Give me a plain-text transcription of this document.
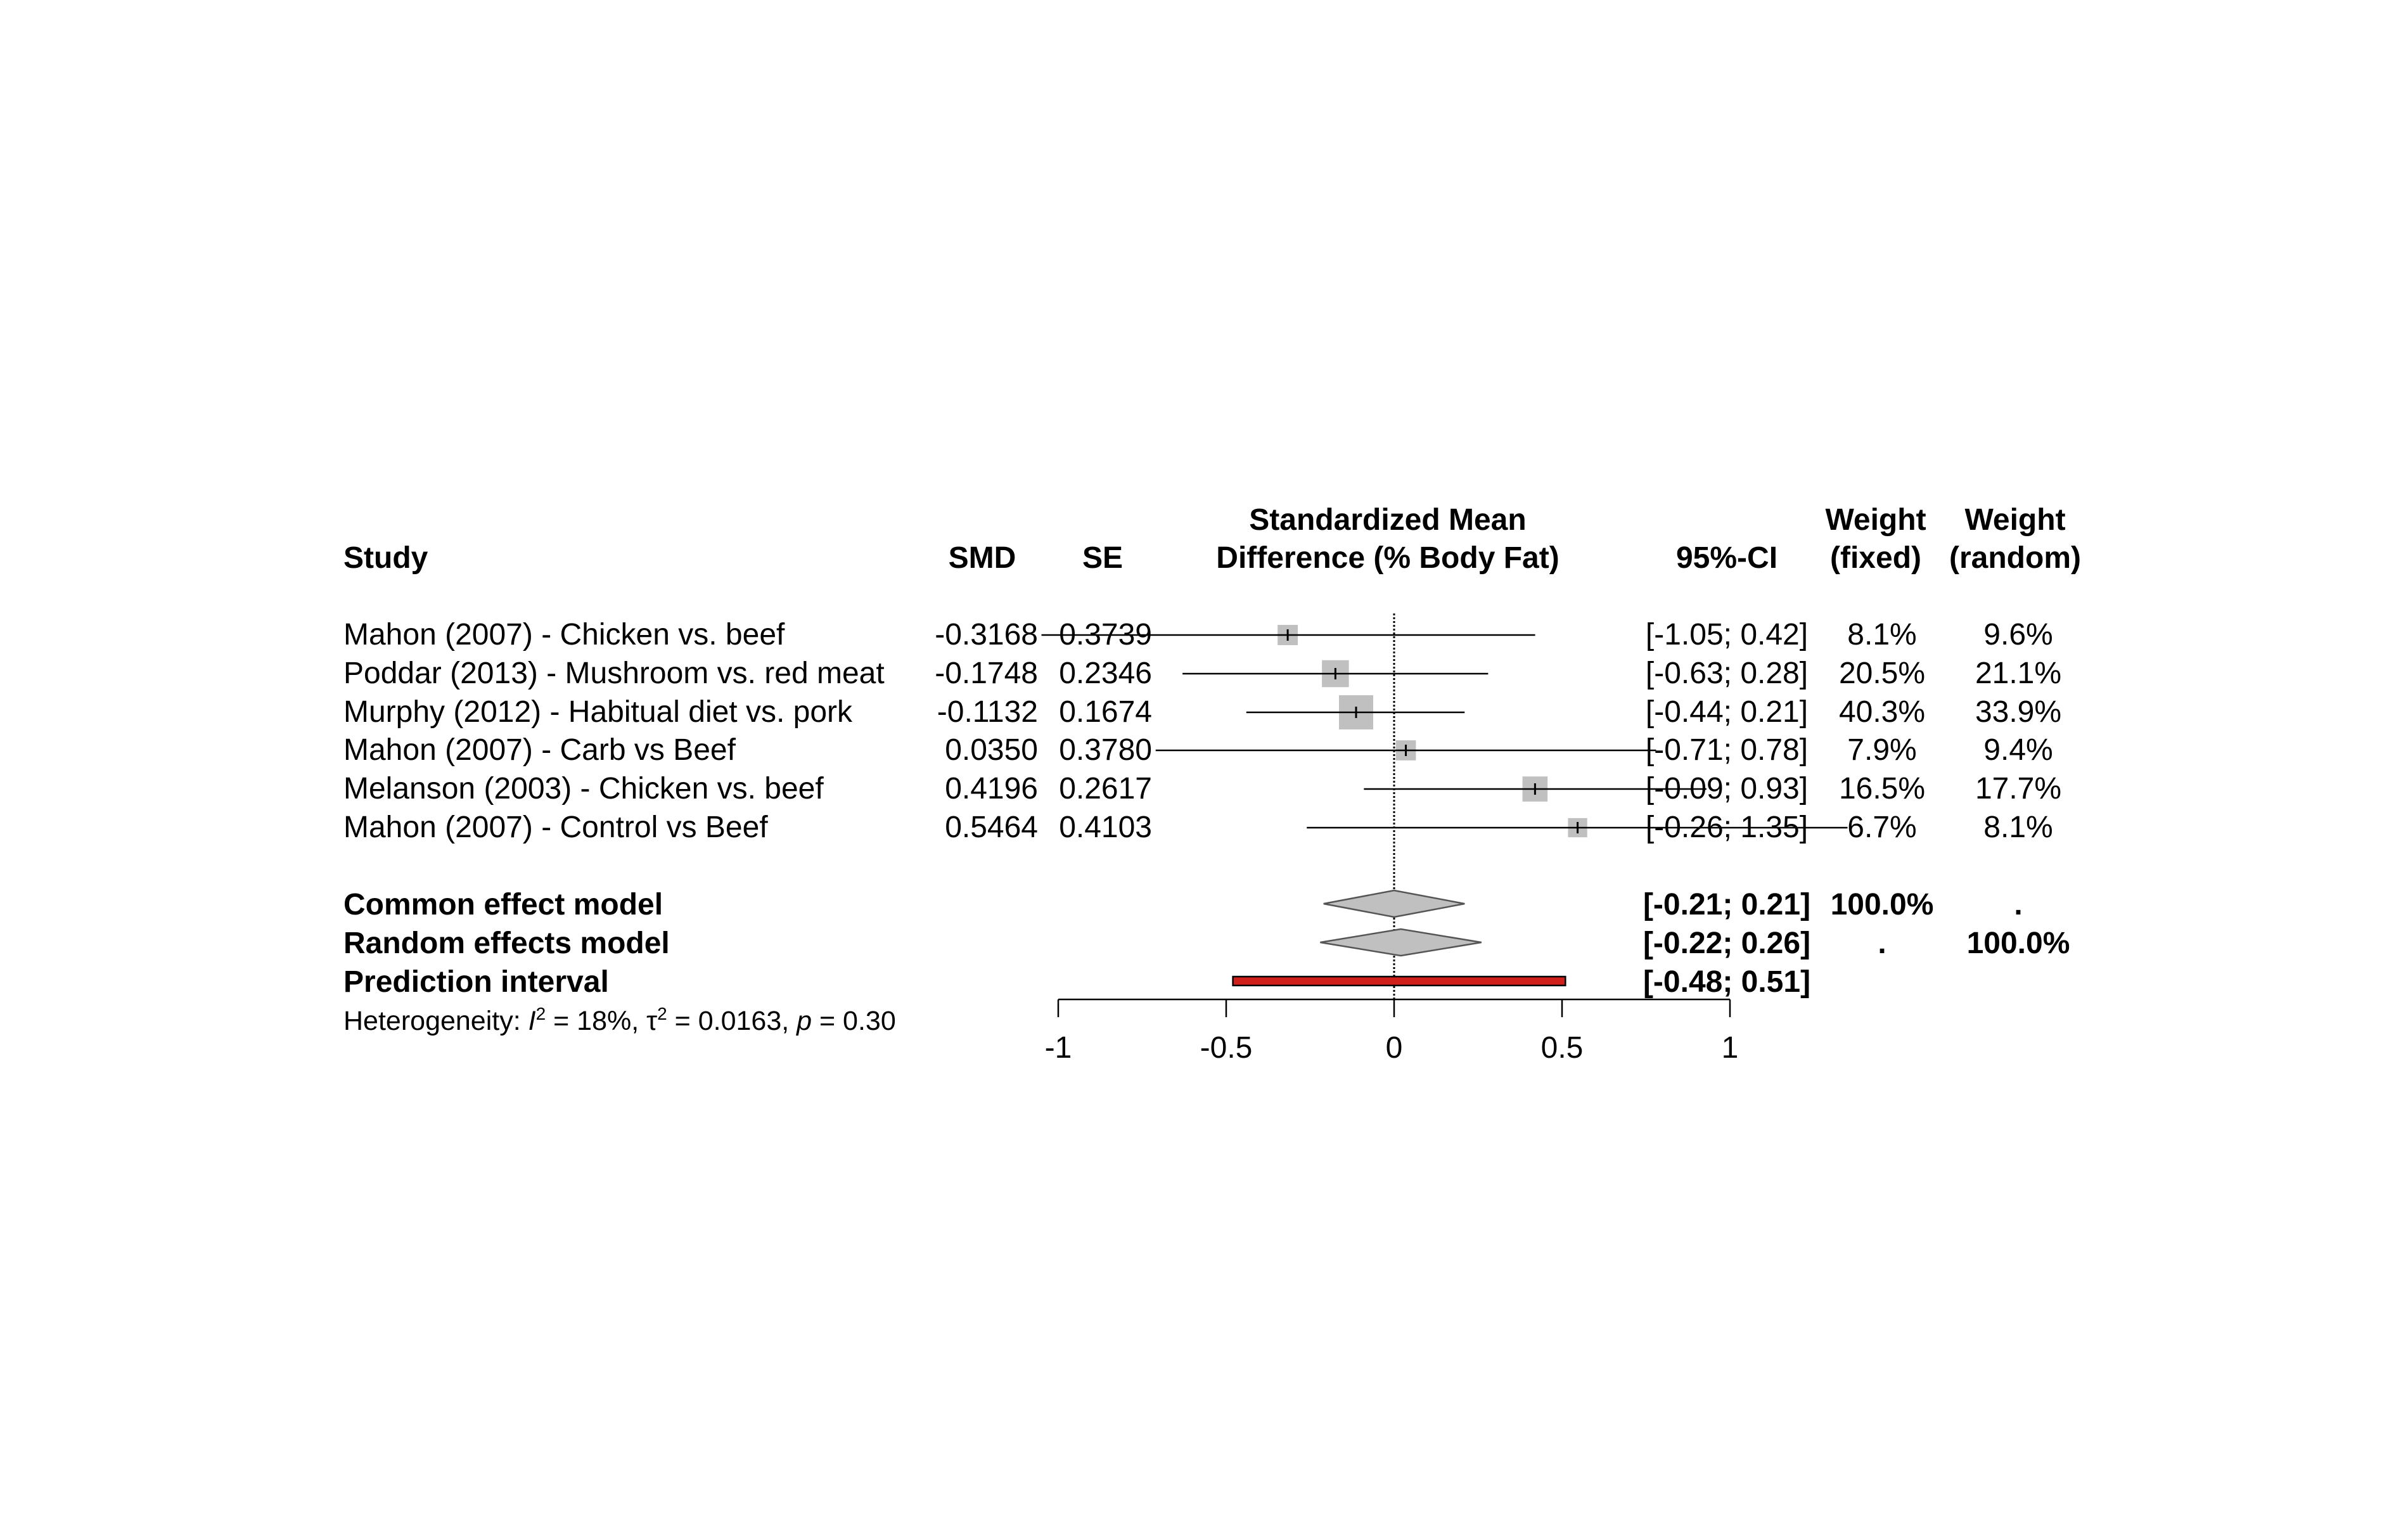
Study	SMD	SE
Standardized Mean
Difference (% Body Fat)	95%-CI
Weight
(fixed)
Weight
(random)
Mahon (2007) - Chicken vs. beef	-0.3168 0.3739	[-1.05; 0.42]	8.1%	9.6%
Poddar (2013) - Mushroom vs. red meat	-0.1748 0.2346	[-0.63; 0.28]	20.5%	21.1%
Murphy (2012) - Habitual diet vs. pork	-0.1132 0.1674	[-0.44; 0.21]	40.3%	33.9%
Mahon (2007) - Carb vs Beef	0.0350 0.3780	[-0.71; 0.78]	7.9%	9.4%
Melanson (2003) - Chicken vs. beef	0.4196 0.2617	[-0.09; 0.93]	16.5%	17.7%
Mahon (2007) - Control vs Beef	0.5464 0.4103	[-0.26; 1.35]	6.7%	8.1%
Common effect model	[-0.21; 0.21] 100.0%	.
Random effects model	[-0.22; 0.26]	.	100.0%
Prediction interval	[-0.48; 0.51]
Heterogeneity: $I^2 = 18\%$, $\tau^2 = 0.0163$, p = 0.30
-1	-0.5	0	0.5	1
